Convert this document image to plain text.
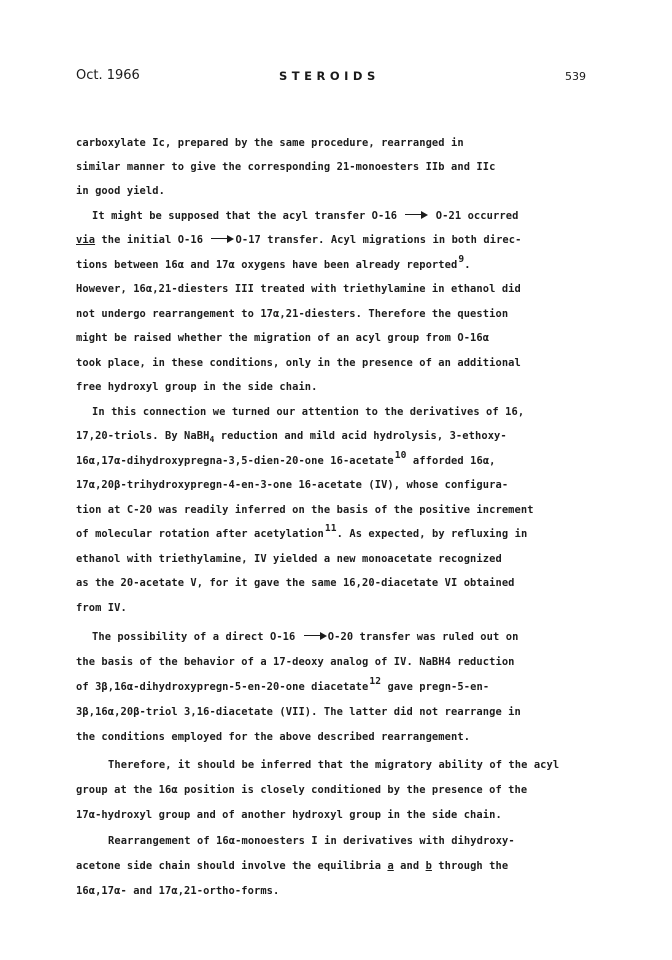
Oct. 1966	STEROIDS	539
carboxylate Ic, prepared by the same procedure, rearranged in
similar manner to give the corresponding 21-monoesters IIb and IIc
in good yield.
It might be supposed that the acyl transfer O-16	O-21 occurred
via the initial O-16	O-17 transfer. Acyl migrations in both direc-
tions between 16α and 17α oxygens have been already reported9.
However, 16α,21-diesters III treated with triethylamine in ethanol did
not undergo rearrangement to 17α,21-diesters. Therefore the question
might be raised whether the migration of an acyl group from O-16α
took place, in these conditions, only in the presence of an additional
free hydroxyl group in the side chain.
In this connection we turned our attention to the derivatives of 16,
17,20-triols. By NaBH$_4$ reduction and mild acid hydrolysis, 3-ethoxy-
16α,17α-dihydroxypregna-3,5-dien-20-one 16-acetate10 afforded 16α,
17α,20β-trihydroxypregn-4-en-3-one 16-acetate (IV), whose configura-
tion at C-20 was readily inferred on the basis of the positive increment
of molecular rotation after acetylation11. As expected, by refluxing in
ethanol with triethylamine, IV yielded a new monoacetate recognized
as the 20-acetate V, for it gave the same 16,20-diacetate VI obtained
from IV.
The possibility of a direct O-16	O-20 transfer was ruled out on
the basis of the behavior of a 17-deoxy analog of IV. NaBH4 reduction
of 3β,16α-dihydroxypregn-5-en-20-one diacetate12 gave pregn-5-en-
3β,16α,20β-triol 3,16-diacetate (VII). The latter did not rearrange in
the conditions employed for the above described rearrangement.
Therefore, it should be inferred that the migratory ability of the acyl
group at the 16α position is closely conditioned by the presence of the
17α-hydroxyl group and of another hydroxyl group in the side chain.
Rearrangement of 16α-monoesters I in derivatives with dihydroxy-
acetone side chain should involve the equilibria a and b through the
16α,17α- and 17α,21-ortho-forms.
